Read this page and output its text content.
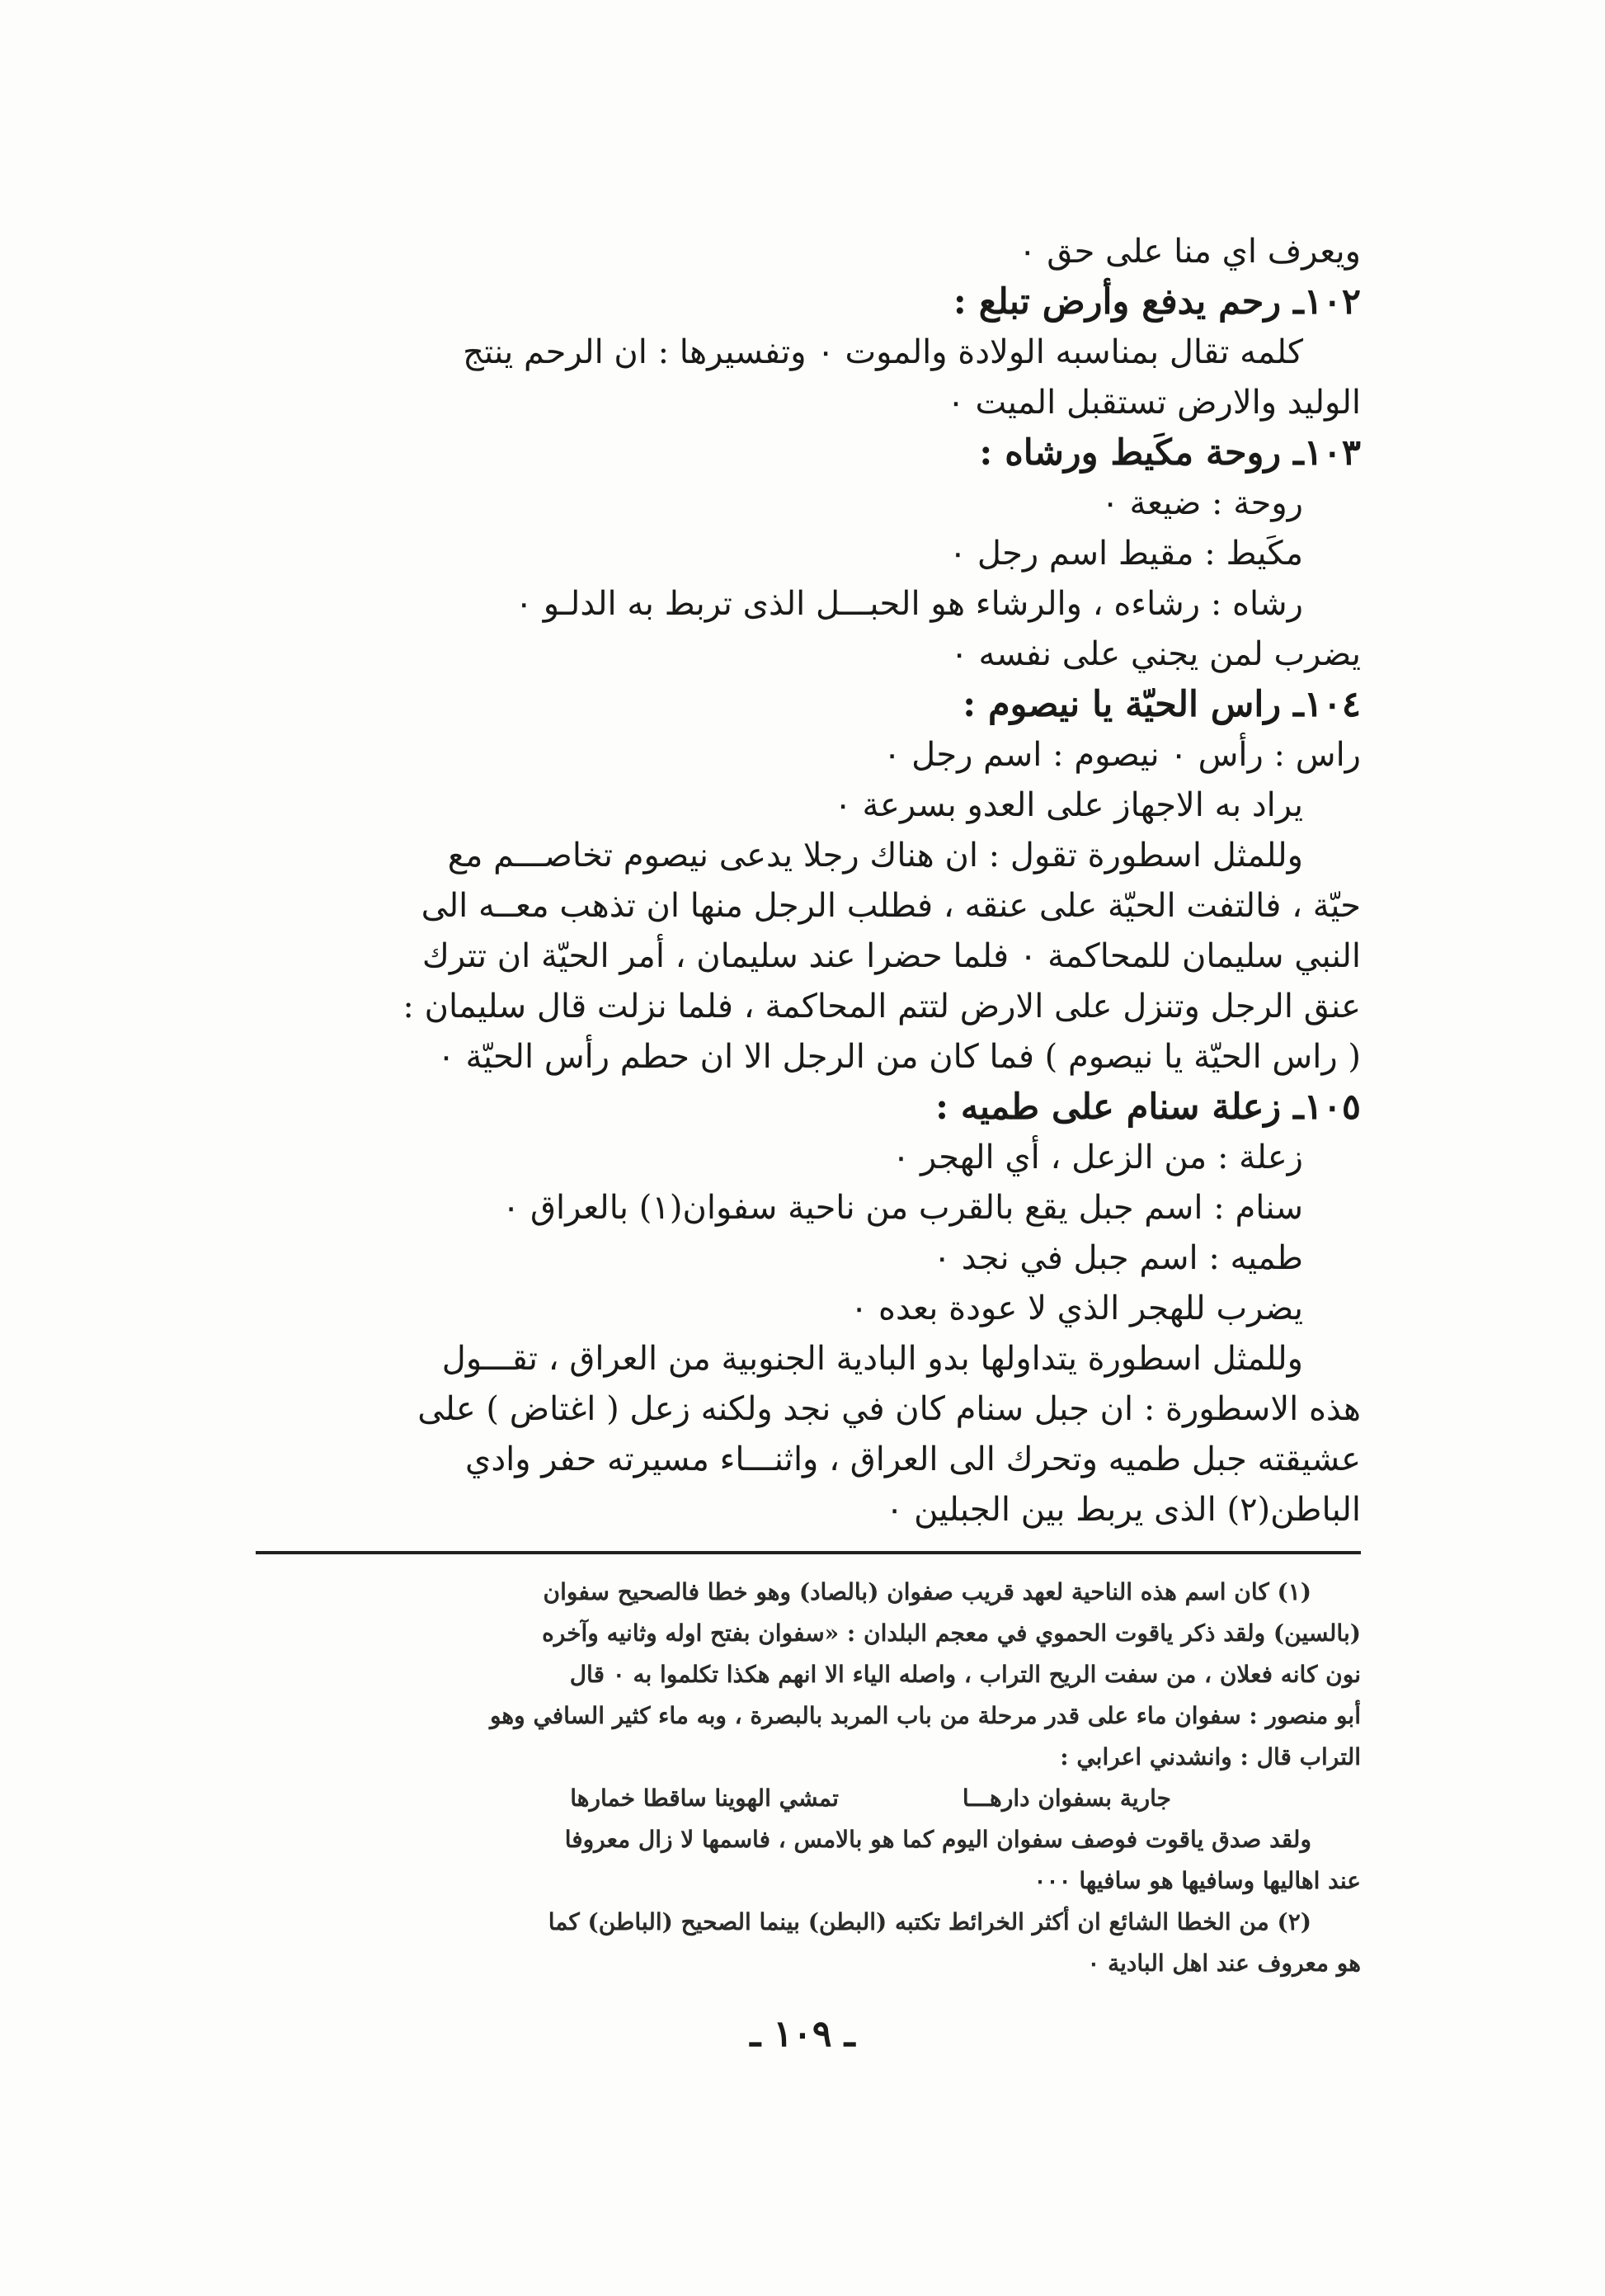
ويعرف اي منا على حق ٠

١٠٢ـ رحم يدفع وأرض تبلع :

كلمه تقال بمناسبه الولادة والموت ٠ وتفسيرها : ان الرحم ينتج

الوليد والارض تستقبل الميت ٠

١٠٣ـ روحة مكَيط ورشاه :

روحة : ضيعة ٠

مكَيط : مقيط اسم رجل ٠

رشاه : رشاءه ، والرشاء هو الحبـــل الذى تربط به الدلـو ٠

يضرب لمن يجني على نفسه ٠

١٠٤ـ راس الحيّة يا نيصوم :

راس : رأس ٠ نيصوم : اسم رجل ٠

يراد به الاجهاز على العدو بسرعة ٠

وللمثل اسطورة تقول : ان هناك رجلا يدعى نيصوم تخاصـــم مع

حيّة ، فالتفت الحيّة على عنقه ، فطلب الرجل منها ان تذهب معــه الى

النبي سليمان للمحاكمة ٠ فلما حضرا عند سليمان ، أمر الحيّة ان تترك

عنق الرجل وتنزل على الارض لتتم المحاكمة ، فلما نزلت قال سليمان :

( راس الحيّة يا نيصوم ) فما كان من الرجل الا ان حطم رأس الحيّة ٠

١٠٥ـ زعلة سنام على طميه :

زعلة : من الزعل ، أي الهجر ٠

سنام : اسم جبل يقع بالقرب من ناحية سفوان(١) بالعراق ٠

طميه : اسم جبل في نجد ٠

يضرب للهجر الذي لا عودة بعده ٠

وللمثل اسطورة يتداولها بدو البادية الجنوبية من العراق ، تقـــول

هذه الاسطورة : ان جبل سنام كان في نجد ولكنه زعل ( اغتاض ) على

عشيقته جبل طميه وتحرك الى العراق ، واثنـــاء مسيرته حفر وادي

الباطن(٢) الذى يربط بين الجبلين ٠

(١) كان اسم هذه الناحية لعهد قريب صفوان (بالصاد) وهو خطا فالصحيح سفوان

(بالسين) ولقد ذكر ياقوت الحموي في معجم البلدان : «سفوان بفتح اوله وثانيه وآخره

نون كانه فعلان ، من سفت الريح التراب ، واصله الياء الا انهم هكذا تكلموا به ٠ قال

أبو منصور : سفوان ماء على قدر مرحلة من باب المربد بالبصرة ، وبه ماء كثير السافي وهو

التراب قال : وانشدني اعرابي :

جارية بسفوان دارهـــا
تمشي الهوينا ساقطا خمارها

ولقد صدق ياقوت فوصف سفوان اليوم كما هو بالامس ، فاسمها لا زال معروفا

عند اهاليها وسافيها هو سافيها ٠٠٠

(٢) من الخطا الشائع ان أكثر الخرائط تكتبه (البطن) بينما الصحيح (الباطن) كما

هو معروف عند اهل البادية ٠

ـ ١٠٩ ـ
